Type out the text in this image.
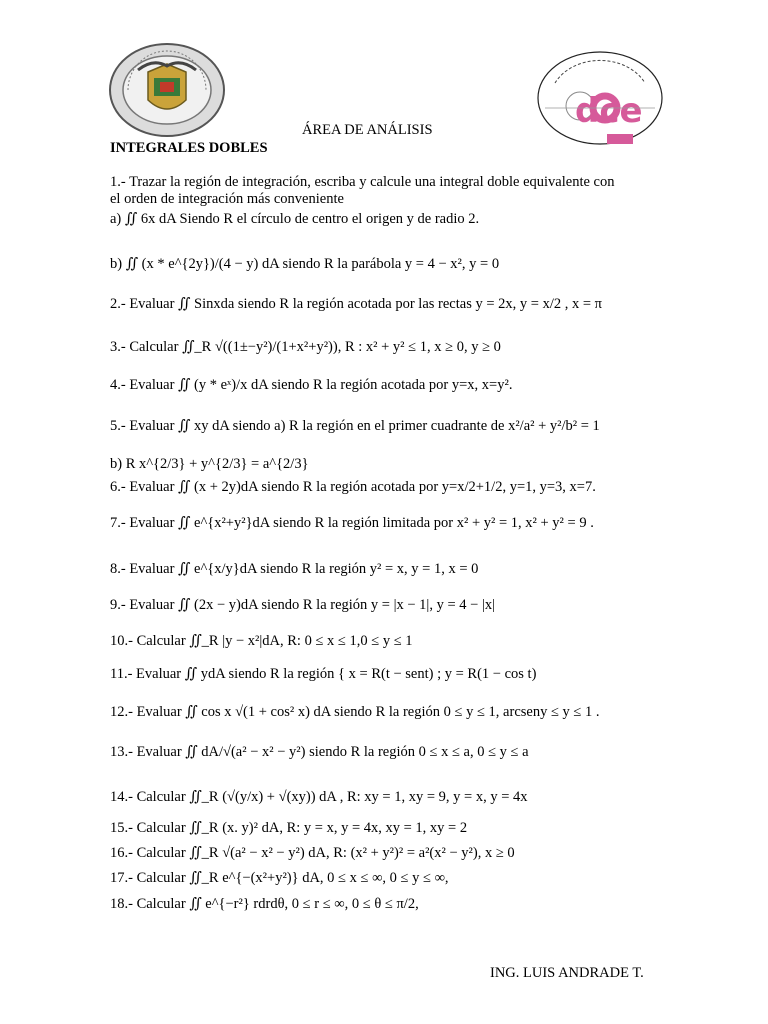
dce
ÁREA DE ANÁLISIS
INTEGRALES DOBLES
1.- Trazar la región de integración, escriba y calcule una integral doble equivalente con
el orden de integración más conveniente
a) ∬ 6x dA Siendo R el círculo de centro el origen y de radio 2.
b) ∬ (x * e^{2y})/(4 − y) dA siendo R la parábola y = 4 − x², y = 0
2.- Evaluar ∬ Sinxda siendo R la región acotada por las rectas y = 2x, y = x/2 , x = π
3.- Calcular ∬_R √((1±−y²)/(1+x²+y²)), R : x² + y² ≤ 1, x ≥ 0, y ≥ 0
4.- Evaluar ∬ (y * eˣ)/x dA siendo R la región acotada por y=x, x=y².
5.- Evaluar ∬ xy dA siendo a) R la región en el primer cuadrante de x²/a² + y²/b² = 1
b) R x^{2/3} + y^{2/3} = a^{2/3}
6.- Evaluar ∬ (x + 2y)dA siendo R la región acotada por y=x/2+1/2, y=1, y=3, x=7.
7.- Evaluar ∬ e^{x²+y²}dA siendo R la región limitada por x² + y² = 1, x² + y² = 9 .
8.- Evaluar ∬ e^{x/y}dA siendo R la región y² = x, y = 1, x = 0
9.- Evaluar ∬ (2x − y)dA siendo R la región y = |x − 1|, y = 4 − |x|
10.- Calcular ∬_R |y − x²|dA, R: 0 ≤ x ≤ 1,0 ≤ y ≤ 1
11.- Evaluar ∬ ydA siendo R la región { x = R(t − sent) ; y = R(1 − cos t)
12.- Evaluar ∬ cos x √(1 + cos² x) dA siendo R la región 0 ≤ y ≤ 1, arcseny ≤ y ≤ 1 .
13.- Evaluar ∬ dA/√(a² − x² − y²) siendo R la región 0 ≤ x ≤ a, 0 ≤ y ≤ a
14.- Calcular ∬_R (√(y/x) + √(xy)) dA , R: xy = 1, xy = 9, y = x, y = 4x
15.- Calcular ∬_R (x. y)² dA, R: y = x, y = 4x, xy = 1, xy = 2
16.- Calcular ∬_R √(a² − x² − y²) dA, R: (x² + y²)² = a²(x² − y²), x ≥ 0
17.- Calcular ∬_R e^{−(x²+y²)} dA, 0 ≤ x ≤ ∞, 0 ≤ y ≤ ∞,
18.- Calcular ∬ e^{−r²} rdrdθ, 0 ≤ r ≤ ∞, 0 ≤ θ ≤ π/2,
ING. LUIS ANDRADE T.
